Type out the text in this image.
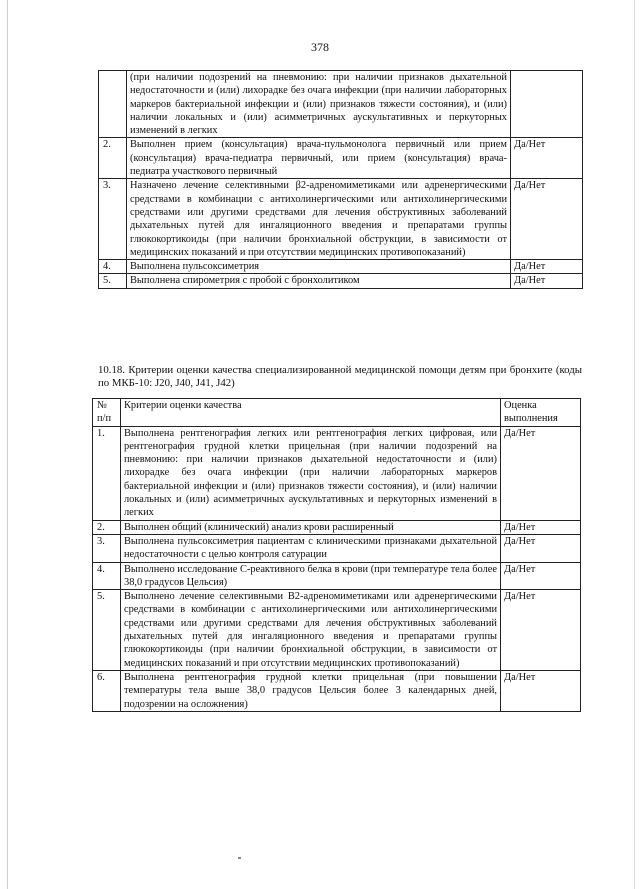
378
	(при наличии подозрений на пневмонию: при наличии признаков дыхательной недостаточности и (или) лихорадке без очага инфекции (при наличии лабораторных маркеров бактериальной инфекции и (или) признаков тяжести состояния), и (или) наличии локальных и (или) асимметричных аускультативных и перкуторных изменений в легких	
2.	Выполнен прием (консультация) врача-пульмонолога первичный или прием (консультация) врача-педиатра первичный, или прием (консультация) врача-педиатра участкового первичный	Да/Нет
3.	Назначено лечение селективными β2-адреномиметиками или адренергическими средствами в комбинации с антихолинергическими или антихолинергическими средствами или другими средствами для лечения обструктивных заболеваний дыхательных путей для ингаляционного введения и препаратами группы глюкокортикоиды (при наличии бронхиальной обструкции, в зависимости от медицинских показаний и при отсутствии медицинских противопоказаний)	Да/Нет
4.	Выполнена пульсоксиметрия	Да/Нет
5.	Выполнена спирометрия с пробой с бронхолитиком	Да/Нет
10.18. Критерии оценки качества специализированной медицинской помощи детям при бронхите (коды по МКБ-10: J20, J40, J41, J42)
№ п/п	Критерии оценки качества	Оценка выполнения
1.	Выполнена рентгенография легких или рентгенография легких цифровая, или рентгенография грудной клетки прицельная (при наличии подозрений на пневмонию: при наличии признаков дыхательной недостаточности и (или) лихорадке без очага инфекции (при наличии лабораторных маркеров бактериальной инфекции и (или) признаков тяжести состояния), и (или) наличии локальных и (или) асимметричных аускультативных и перкуторных изменений в легких	Да/Нет
2.	Выполнен общий (клинический) анализ крови расширенный	Да/Нет
3.	Выполнена пульсоксиметрия пациентам с клиническими признаками дыхательной недостаточности с целью контроля сатурации	Да/Нет
4.	Выполнено исследование С-реактивного белка в крови (при температуре тела более 38,0 градусов Цельсия)	Да/Нет
5.	Выполнено лечение селективными В2-адреномиметиками или адренергическими средствами в комбинации с антихолинергическими или антихолинергическими средствами или другими средствами для лечения обструктивных заболеваний дыхательных путей для ингаляционного введения и препаратами группы глюкокортикоиды (при наличии бронхиальной обструкции, в зависимости от медицинских показаний и при отсутствии медицинских противопоказаний)	Да/Нет
6.	Выполнена рентгенография грудной клетки прицельная (при повышении температуры тела выше 38,0 градусов Цельсия более 3 календарных дней, подозрении на осложнения)	Да/Нет
